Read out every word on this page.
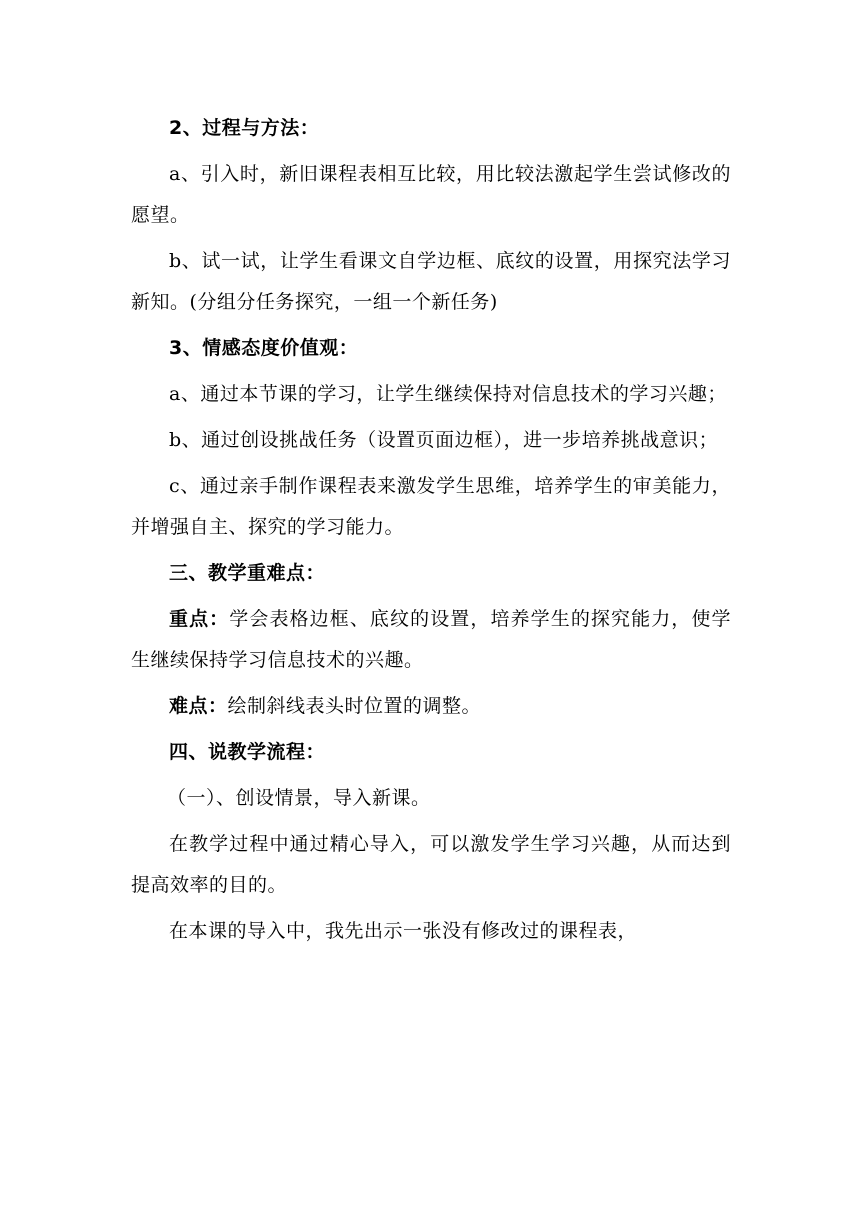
2、过程与方法：

a、引入时，新旧课程表相互比较，用比较法激起学生尝试修改的愿望。

b、试一试，让学生看课文自学边框、底纹的设置，用探究法学习新知。(分组分任务探究，一组一个新任务)

3、情感态度价值观：

a、通过本节课的学习，让学生继续保持对信息技术的学习兴趣；

b、通过创设挑战任务（设置页面边框），进一步培养挑战意识；

c、通过亲手制作课程表来激发学生思维，培养学生的审美能力，并增强自主、探究的学习能力。

三、教学重难点：

重点：学会表格边框、底纹的设置，培养学生的探究能力，使学生继续保持学习信息技术的兴趣。

难点：绘制斜线表头时位置的调整。

四、说教学流程：

（一）、创设情景，导入新课。

在教学过程中通过精心导入，可以激发学生学习兴趣，从而达到提高效率的目的。

在本课的导入中，我先出示一张没有修改过的课程表，
